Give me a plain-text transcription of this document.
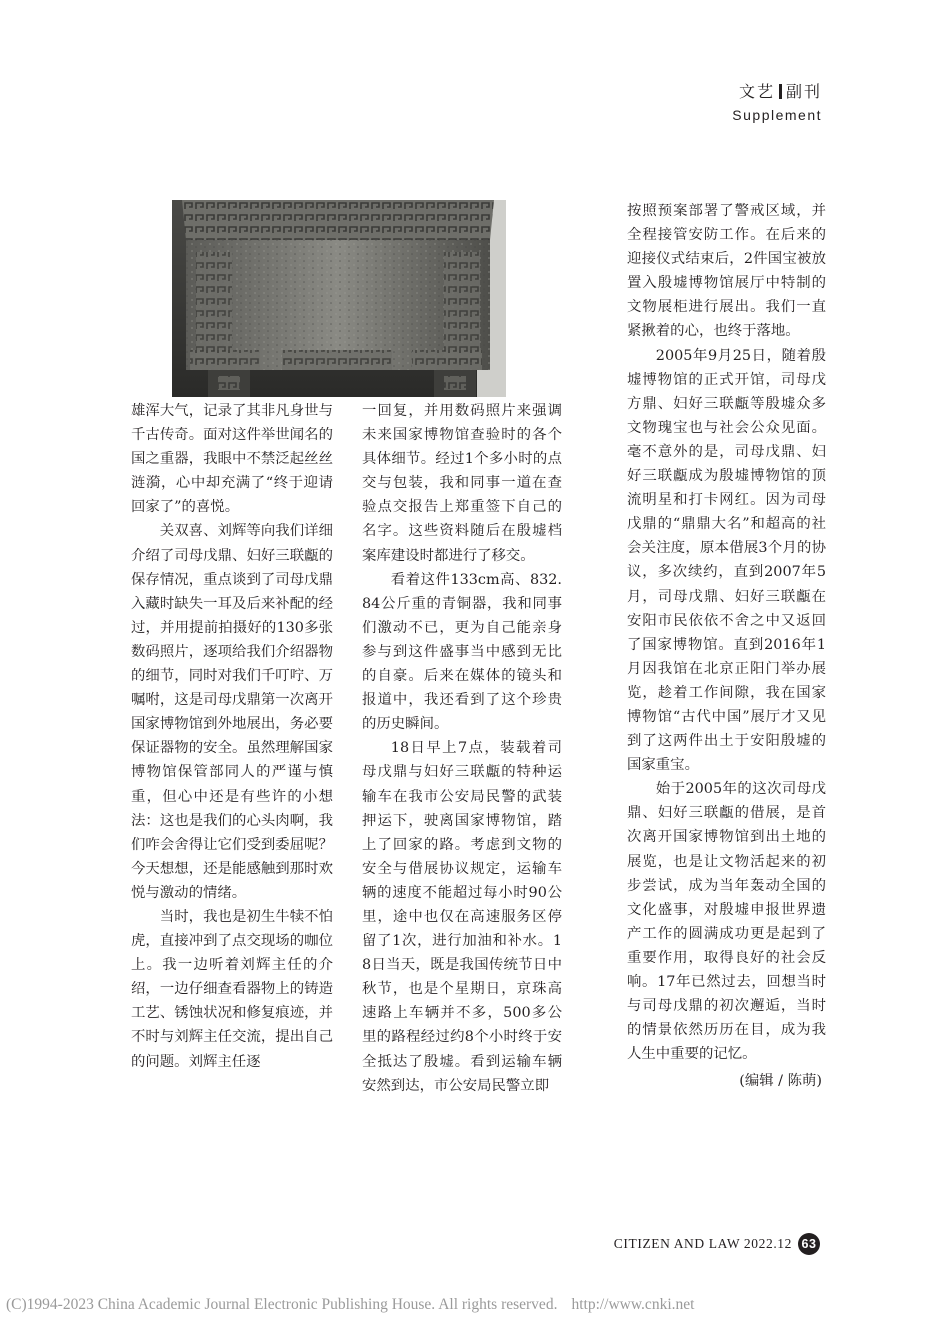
文艺 副刊
Supplement

雄浑大气，记录了其非凡身世与千古传奇。面对这件举世闻名的国之重器，我眼中不禁泛起丝丝涟漪，心中却充满了“终于迎请回家了”的喜悦。

关双喜、刘辉等向我们详细介绍了司母戊鼎、妇好三联甗的保存情况，重点谈到了司母戊鼎入藏时缺失一耳及后来补配的经过，并用提前拍摄好的130多张数码照片，逐项给我们介绍器物的细节，同时对我们千叮咛、万嘱咐，这是司母戊鼎第一次离开国家博物馆到外地展出，务必要保证器物的安全。虽然理解国家博物馆保管部同人的严谨与慎重，但心中还是有些许的小想法：这也是我们的心头肉啊，我们咋会舍得让它们受到委屈呢？今天想想，还是能感触到那时欢悦与激动的情绪。

当时，我也是初生牛犊不怕虎，直接冲到了点交现场的咖位上。我一边听着刘辉主任的介绍，一边仔细查看器物上的铸造工艺、锈蚀状况和修复痕迹，并不时与刘辉主任交流，提出自己的问题。刘辉主任逐

一回复，并用数码照片来强调未来国家博物馆查验时的各个具体细节。经过1个多小时的点交与包装，我和同事一道在查验点交报告上郑重签下自己的名字。这些资料随后在殷墟档案库建设时都进行了移交。

看着这件133cm高、832.84公斤重的青铜器，我和同事们激动不已，更为自己能亲身参与到这件盛事当中感到无比的自豪。后来在媒体的镜头和报道中，我还看到了这个珍贵的历史瞬间。

18日早上7点，装载着司母戊鼎与妇好三联甗的特种运输车在我市公安局民警的武装押运下，驶离国家博物馆，踏上了回家的路。考虑到文物的安全与借展协议规定，运输车辆的速度不能超过每小时90公里，途中也仅在高速服务区停留了1次，进行加油和补水。18日当天，既是我国传统节日中秋节，也是个星期日，京珠高速路上车辆并不多，500多公里的路程经过约8个小时终于安全抵达了殷墟。看到运输车辆安然到达，市公安局民警立即

按照预案部署了警戒区域，并全程接管安防工作。在后来的迎接仪式结束后，2件国宝被放置入殷墟博物馆展厅中特制的文物展柜进行展出。我们一直紧揪着的心，也终于落地。

2005年9月25日，随着殷墟博物馆的正式开馆，司母戊方鼎、妇好三联甗等殷墟众多文物瑰宝也与社会公众见面。毫不意外的是，司母戊鼎、妇好三联甗成为殷墟博物馆的顶流明星和打卡网红。因为司母戊鼎的“鼎鼎大名”和超高的社会关注度，原本借展3个月的协议，多次续约，直到2007年5月，司母戊鼎、妇好三联甗在安阳市民依依不舍之中又返回了国家博物馆。直到2016年1月因我馆在北京正阳门举办展览，趁着工作间隙，我在国家博物馆“古代中国”展厅才又见到了这两件出土于安阳殷墟的国家重宝。

始于2005年的这次司母戊鼎、妇好三联甗的借展，是首次离开国家博物馆到出土地的展览，也是让文物活起来的初步尝试，成为当年轰动全国的文化盛事，对殷墟申报世界遗产工作的圆满成功更是起到了重要作用，取得良好的社会反响。17年已然过去，回想当时与司母戊鼎的初次邂逅，当时的情景依然历历在目，成为我人生中重要的记忆。

(编辑 / 陈萌)
CITIZEN AND LAW 2022.12 63
(C)1994-2023 China Academic Journal Electronic Publishing House. All rights reserved. http://www.cnki.net
